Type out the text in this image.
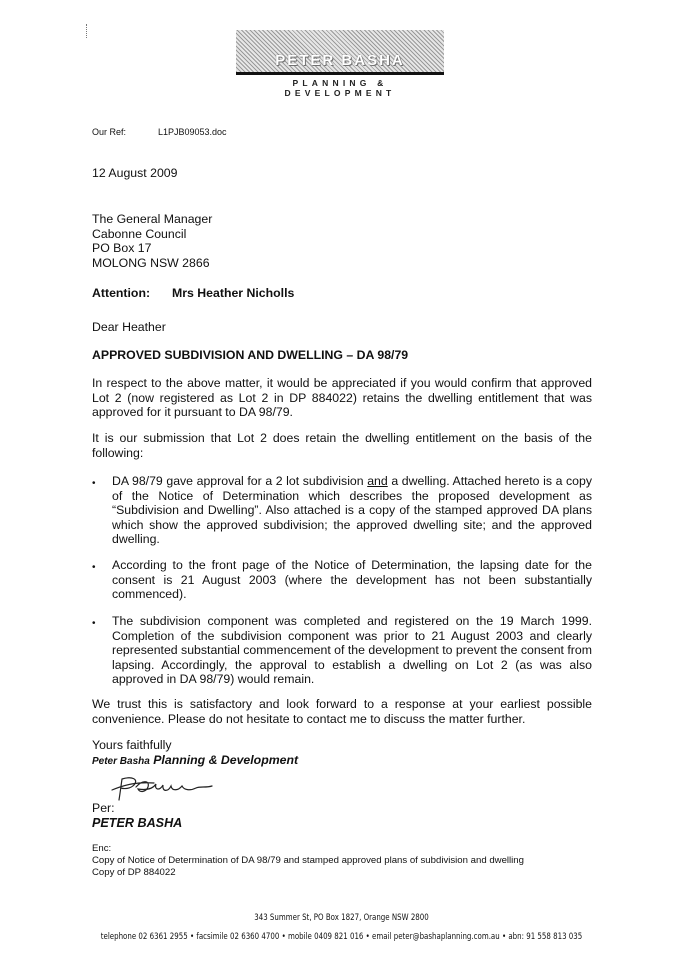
PETER BASHA
PLANNING & DEVELOPMENT
Our Ref:	L1PJB09053.doc
12 August 2009
The General Manager
Cabonne Council
PO Box 17
MOLONG NSW 2866
Attention: Mrs Heather Nicholls
Dear Heather
APPROVED SUBDIVISION AND DWELLING – DA 98/79
In respect to the above matter, it would be appreciated if you would confirm that approved Lot 2 (now registered as Lot 2 in DP 884022) retains the dwelling entitlement that was approved for it pursuant to DA 98/79.
It is our submission that Lot 2 does retain the dwelling entitlement on the basis of the following:
• DA 98/79 gave approval for a 2 lot subdivision and a dwelling. Attached hereto is a copy of the Notice of Determination which describes the proposed development as “Subdivision and Dwelling”. Also attached is a copy of the stamped approved DA plans which show the approved subdivision; the approved dwelling site; and the approved dwelling.
• According to the front page of the Notice of Determination, the lapsing date for the consent is 21 August 2003 (where the development has not been substantially commenced).
• The subdivision component was completed and registered on the 19 March 1999. Completion of the subdivision component was prior to 21 August 2003 and clearly represented substantial commencement of the development to prevent the consent from lapsing. Accordingly, the approval to establish a dwelling on Lot 2 (as was also approved in DA 98/79) would remain.
We trust this is satisfactory and look forward to a response at your earliest possible convenience. Please do not hesitate to contact me to discuss the matter further.
Yours faithfully
Peter Basha Planning & Development
Per:
PETER BASHA
Enc:
Copy of Notice of Determination of DA 98/79 and stamped approved plans of subdivision and dwelling
Copy of DP 884022
343 Summer St, PO Box 1827, Orange NSW 2800
telephone 02 6361 2955 • facsimile 02 6360 4700 • mobile 0409 821 016 • email peter@bashaplanning.com.au • abn: 91 558 813 035
